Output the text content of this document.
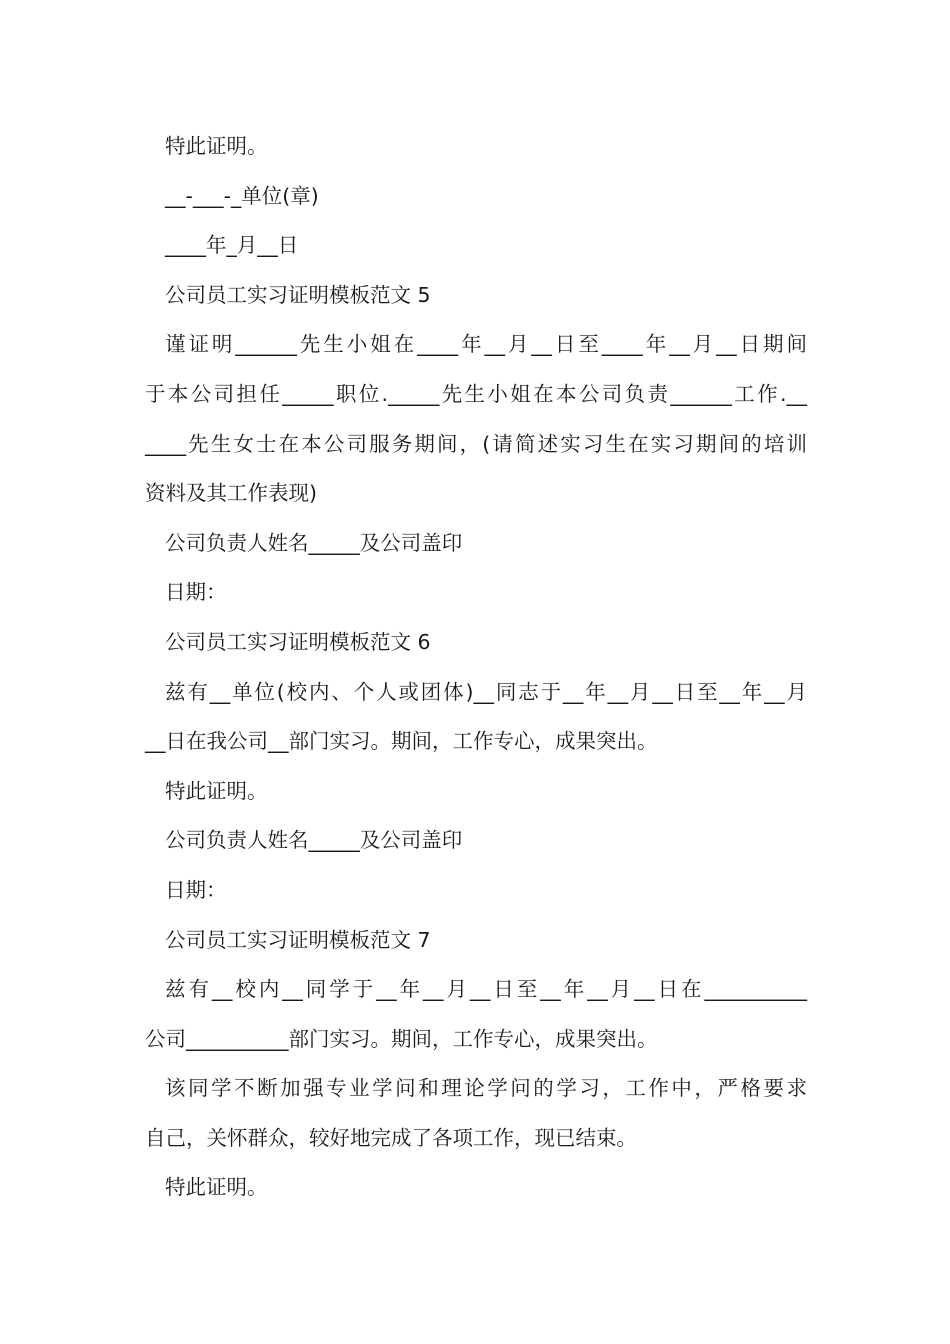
特此证明。

__-___-_单位(章)

____年_月__日

公司员工实习证明模板范文 5

谨证明______先生小姐在____年__月__日至____年__月__日期间

于本公司担任_____职位._____先生小姐在本公司负责______工作.__

____先生女士在本公司服务期间，(请简述实习生在实习期间的培训

资料及其工作表现)

公司负责人姓名_____及公司盖印

日期：

公司员工实习证明模板范文 6

兹有__单位(校内、个人或团体)__同志于__年__月__日至__年__月

__日在我公司__部门实习。期间，工作专心，成果突出。

特此证明。

公司负责人姓名_____及公司盖印

日期：

公司员工实习证明模板范文 7

兹有__校内__同学于__年__月__日至__年__月__日在__________

公司__________部门实习。期间，工作专心，成果突出。

该同学不断加强专业学问和理论学问的学习，工作中，严格要求

自己，关怀群众，较好地完成了各项工作，现已结束。

特此证明。
